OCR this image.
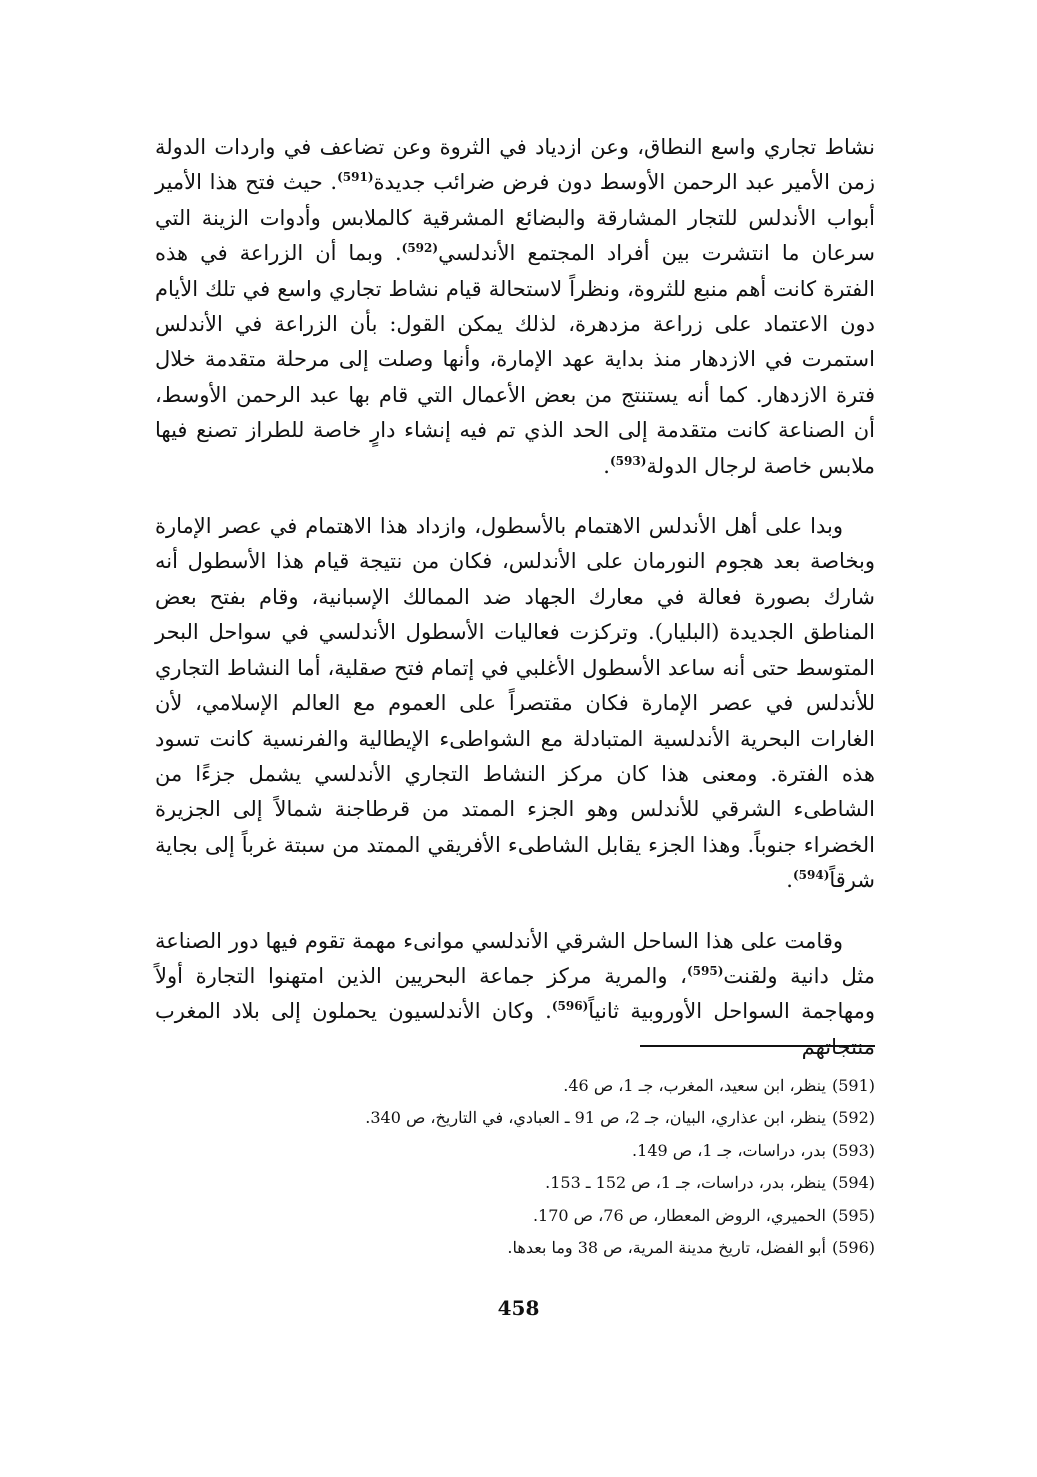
نشاط تجاري واسع النطاق، وعن ازدياد في الثروة وعن تضاعف في واردات الدولة زمن الأمير عبد الرحمن الأوسط دون فرض ضرائب جديدة$^{(591)}$. حيث فتح هذا الأمير أبواب الأندلس للتجار المشارقة والبضائع المشرقية كالملابس وأدوات الزينة التي سرعان ما انتشرت بين أفراد المجتمع الأندلسي$^{(592)}$. وبما أن الزراعة في هذه الفترة كانت أهم منبع للثروة، ونظراً لاستحالة قيام نشاط تجاري واسع في تلك الأيام دون الاعتماد على زراعة مزدهرة، لذلك يمكن القول: بأن الزراعة في الأندلس استمرت في الازدهار منذ بداية عهد الإمارة، وأنها وصلت إلى مرحلة متقدمة خلال فترة الازدهار. كما أنه يستنتج من بعض الأعمال التي قام بها عبد الرحمن الأوسط، أن الصناعة كانت متقدمة إلى الحد الذي تم فيه إنشاء دارٍ خاصة للطراز تصنع فيها ملابس خاصة لرجال الدولة$^{(593)}$.

وبدا على أهل الأندلس الاهتمام بالأسطول، وازداد هذا الاهتمام في عصر الإمارة وبخاصة بعد هجوم النورمان على الأندلس، فكان من نتيجة قيام هذا الأسطول أنه شارك بصورة فعالة في معارك الجهاد ضد الممالك الإسبانية، وقام بفتح بعض المناطق الجديدة (البليار). وتركزت فعاليات الأسطول الأندلسي في سواحل البحر المتوسط حتى أنه ساعد الأسطول الأغلبي في إتمام فتح صقلية، أما النشاط التجاري للأندلس في عصر الإمارة فكان مقتصراً على العموم مع العالم الإسلامي، لأن الغارات البحرية الأندلسية المتبادلة مع الشواطىء الإيطالية والفرنسية كانت تسود هذه الفترة. ومعنى هذا كان مركز النشاط التجاري الأندلسي يشمل جزءًا من الشاطىء الشرقي للأندلس وهو الجزء الممتد من قرطاجنة شمالاً إلى الجزيرة الخضراء جنوباً. وهذا الجزء يقابل الشاطىء الأفريقي الممتد من سبتة غرباً إلى بجاية شرقاً$^{(594)}$.

وقامت على هذا الساحل الشرقي الأندلسي موانىء مهمة تقوم فيها دور الصناعة مثل دانية ولقنت$^{(595)}$، والمرية مركز جماعة البحريين الذين امتهنوا التجارة أولاً ومهاجمة السواحل الأوروبية ثانياً$^{(596)}$. وكان الأندلسيون يحملون إلى بلاد المغرب منتجاتهم

(591)ينظر، ابن سعيد، المغرب، جـ 1، ص 46.

(592)ينظر، ابن عذاري، البيان، جـ 2، ص 91 ـ العبادي، في التاريخ، ص 340.

(593)بدر، دراسات، جـ 1، ص 149.

(594)ينظر، بدر، دراسات، جـ 1، ص 152 ـ 153.

(595)الحميري، الروض المعطار، ص 76، ص 170.

(596)أبو الفضل، تاريخ مدينة المرية، ص 38 وما بعدها.

458
